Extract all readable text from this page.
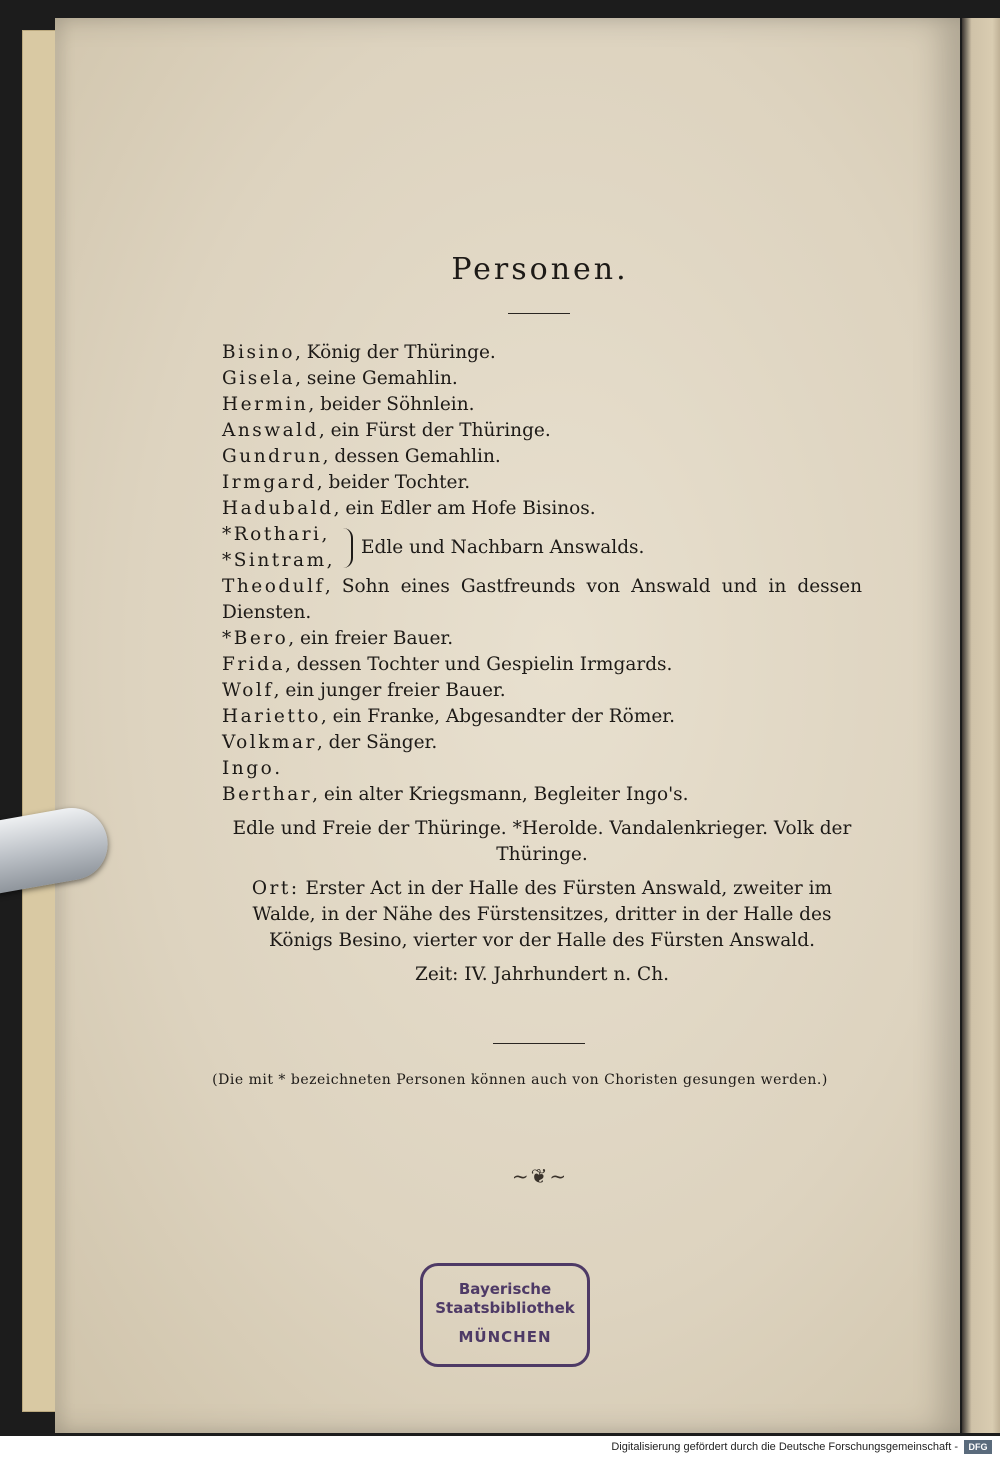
Personen.
Bisino, König der Thüringe.
Gisela, seine Gemahlin.
Hermin, beider Söhnlein.
Answald, ein Fürst der Thüringe.
Gundrun, dessen Gemahlin.
Irmgard, beider Tochter.
Hadubald, ein Edler am Hofe Bisinos.
*Rothari,
*Sintram,
Edle und Nachbarn Answalds.
Theodulf, Sohn eines Gastfreunds von Answald und in dessen Diensten.
*Bero, ein freier Bauer.
Frida, dessen Tochter und Gespielin Irmgards.
Wolf, ein junger freier Bauer.
Harietto, ein Franke, Abgesandter der Römer.
Volkmar, der Sänger.
Ingo.
Berthar, ein alter Kriegsmann, Begleiter Ingo's.
Edle und Freie der Thüringe. *Herolde. Vandalenkrieger. Volk der Thüringe.
Ort: Erster Act in der Halle des Fürsten Answald, zweiter im Walde, in der Nähe des Fürstensitzes, dritter in der Halle des Königs Besino, vierter vor der Halle des Fürsten Answald.
Zeit: IV. Jahrhundert n. Ch.
(Die mit * bezeichneten Personen können auch von Choristen gesungen werden.)
~❦~
Bayerische
Staatsbibliothek
MÜNCHEN
Digitalisierung gefördert durch die Deutsche Forschungsgemeinschaft -	DFG
